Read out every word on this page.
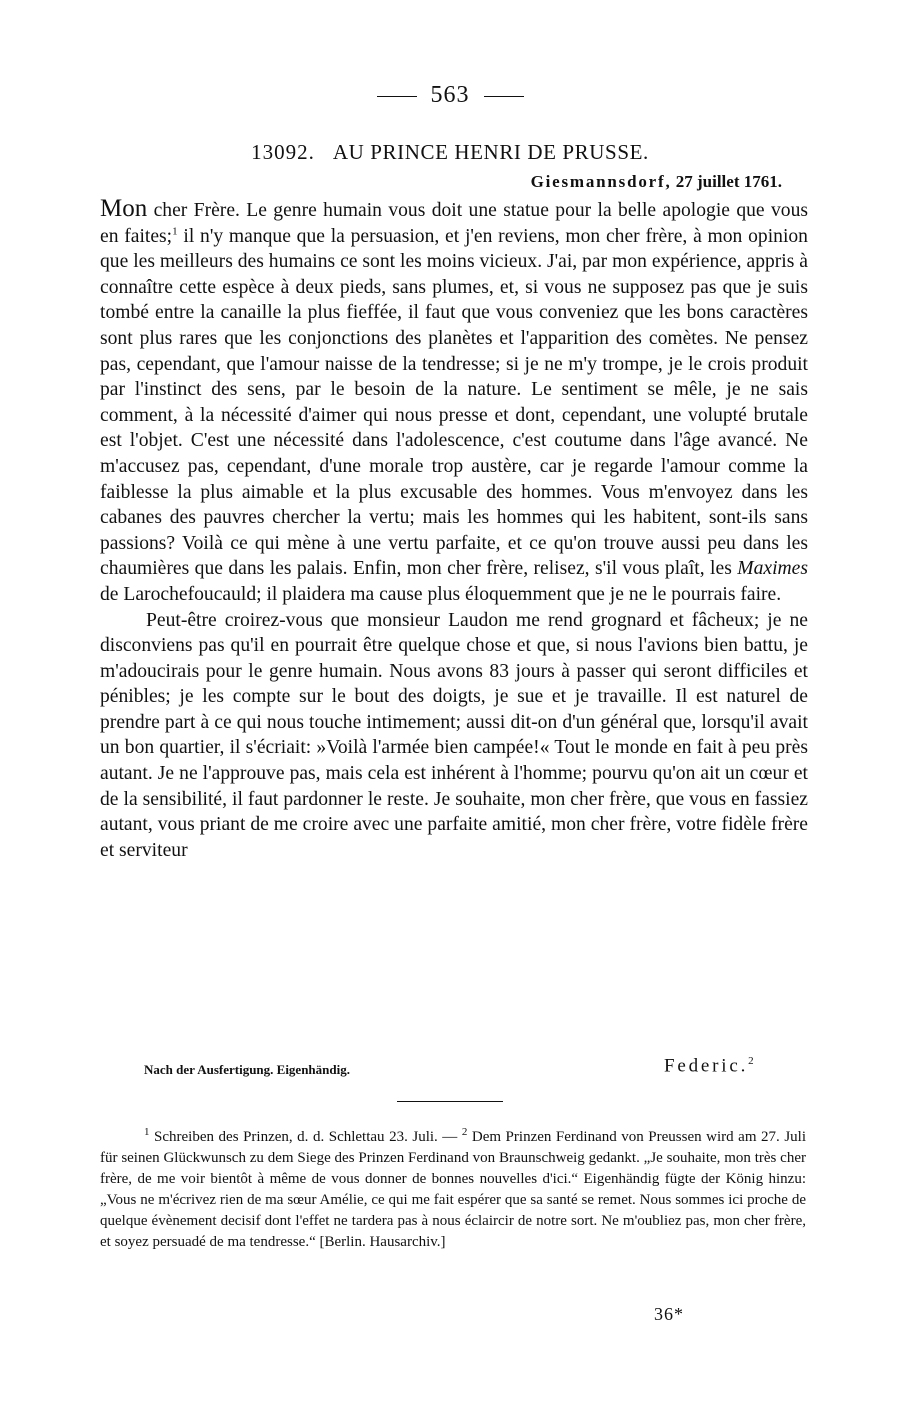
563
13092. AU PRINCE HENRI DE PRUSSE.
Giesmannsdorf, 27 juillet 1761.

Mon cher Frère. Le genre humain vous doit une statue pour la belle apologie que vous en faites;$^1$ il n'y manque que la persuasion, et j'en reviens, mon cher frère, à mon opinion que les meilleurs des humains ce sont les moins vicieux. J'ai, par mon expérience, appris à connaître cette espèce à deux pieds, sans plumes, et, si vous ne supposez pas que je suis tombé entre la canaille la plus fieffée, il faut que vous conveniez que les bons caractères sont plus rares que les conjonctions des planètes et l'apparition des comètes. Ne pensez pas, cependant, que l'amour naisse de la tendresse; si je ne m'y trompe, je le crois produit par l'instinct des sens, par le besoin de la nature. Le sentiment se mêle, je ne sais comment, à la nécessité d'aimer qui nous presse et dont, cependant, une volupté brutale est l'objet. C'est une nécessité dans l'adolescence, c'est coutume dans l'âge avancé. Ne m'accusez pas, cependant, d'une morale trop austère, car je regarde l'amour comme la faiblesse la plus aimable et la plus excusable des hommes. Vous m'envoyez dans les cabanes des pauvres chercher la vertu; mais les hommes qui les habitent, sont-ils sans passions? Voilà ce qui mène à une vertu parfaite, et ce qu'on trouve aussi peu dans les chaumières que dans les palais. Enfin, mon cher frère, relisez, s'il vous plaît, les Maximes de Larochefoucauld; il plaidera ma cause plus éloquemment que je ne le pourrais faire.

Peut-être croirez-vous que monsieur Laudon me rend grognard et fâcheux; je ne disconviens pas qu'il en pourrait être quelque chose et que, si nous l'avions bien battu, je m'adoucirais pour le genre humain. Nous avons 83 jours à passer qui seront difficiles et pénibles; je les compte sur le bout des doigts, je sue et je travaille. Il est naturel de prendre part à ce qui nous touche intimement; aussi dit-on d'un général que, lorsqu'il avait un bon quartier, il s'écriait: »Voilà l'armée bien campée!« Tout le monde en fait à peu près autant. Je ne l'approuve pas, mais cela est inhérent à l'homme; pourvu qu'on ait un cœur et de la sensibilité, il faut pardonner le reste. Je souhaite, mon cher frère, que vous en fassiez autant, vous priant de me croire avec une parfaite amitié, mon cher frère, votre fidèle frère et serviteur

Nach der Ausfertigung. Eigenhändig.	Federic.$^2$

$^1$ Schreiben des Prinzen, d. d. Schlettau 23. Juli. — $^2$ Dem Prinzen Ferdinand von Preussen wird am 27. Juli für seinen Glückwunsch zu dem Siege des Prinzen Ferdinand von Braunschweig gedankt. „Je souhaite, mon très cher frère, de me voir bientôt à même de vous donner de bonnes nouvelles d'ici.“ Eigenhändig fügte der König hinzu: „Vous ne m'écrivez rien de ma sœur Amélie, ce qui me fait espérer que sa santé se remet. Nous sommes ici proche de quelque évènement decisif dont l'effet ne tardera pas à nous éclaircir de notre sort. Ne m'oubliez pas, mon cher frère, et soyez persuadé de ma tendresse.“ [Berlin. Hausarchiv.]

36*
